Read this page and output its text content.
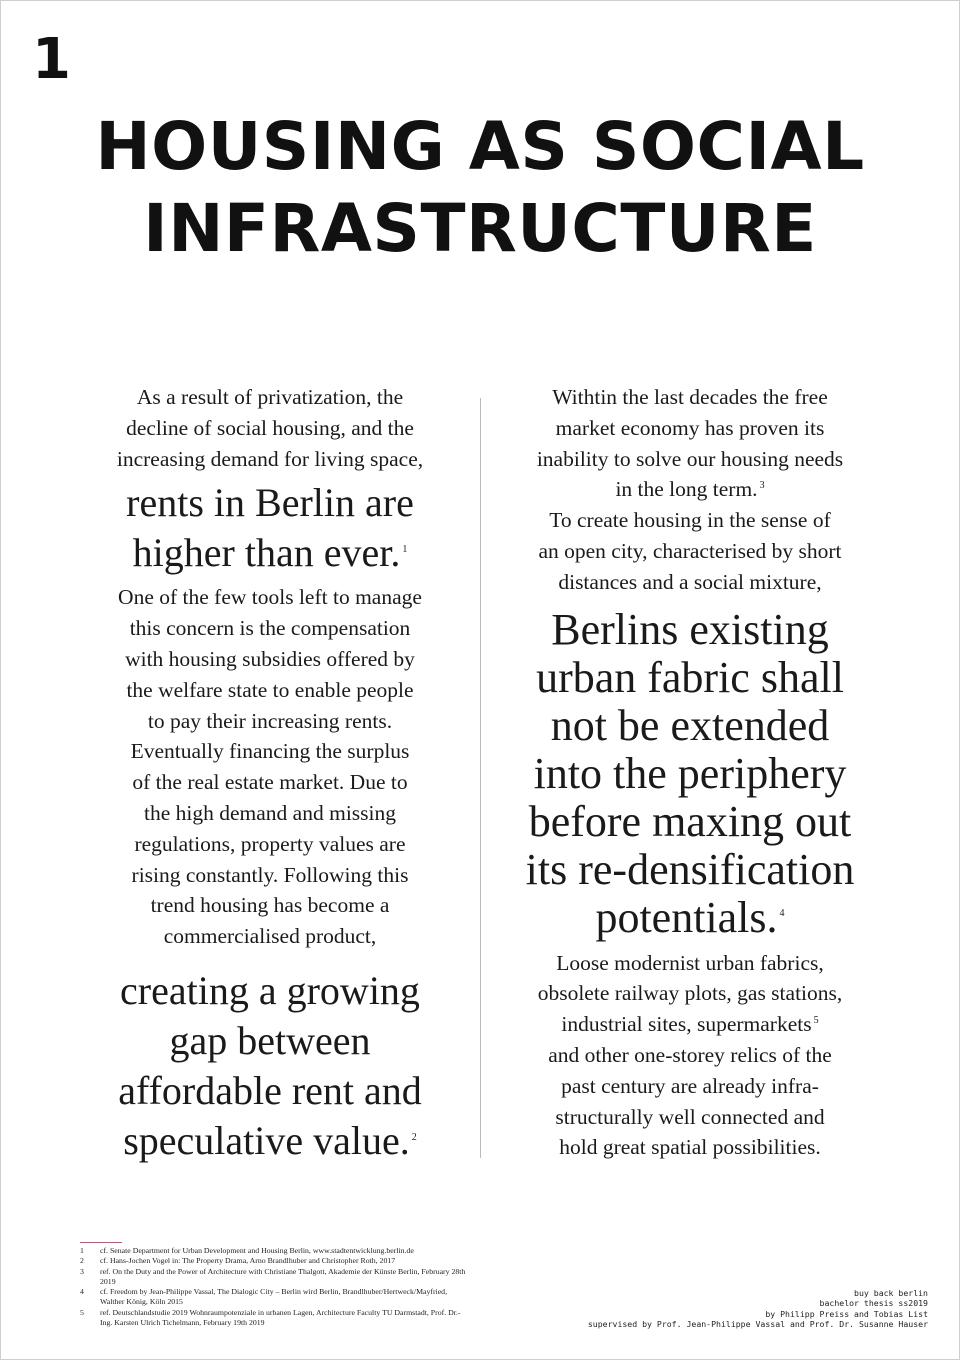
1
HOUSING AS SOCIAL
INFRASTRUCTURE
As a result of privatization, the
decline of social housing, and the
increasing demand for living space,
rents in Berlin are
higher than ever. $^1$
One of the few tools left to manage
this concern is the compensation
with housing subsidies offered by
the welfare state to enable people
to pay their increasing rents.
Eventually financing the surplus
of the real estate market. Due to
the high demand and missing
regulations, property values are
rising constantly. Following this
trend housing has become a
commercialised product,
creating a growing
gap between
affordable rent and
speculative value. $^2$
Withtin the last decades the free
market economy has proven its
inability to solve our housing needs
in the long term. $^3$
To create housing in the sense of
an open city, characterised by short
distances and a social mixture,
Berlins existing
urban fabric shall
not be extended
into the periphery
before maxing out
its re-densification
potentials. $^4$
Loose modernist urban fabrics,
obsolete railway plots, gas stations,
industrial sites, supermarkets $^5$
and other one-storey relics of the
past century are already infra-
structurally well connected and
hold great spatial possibilities.
1	cf. Senate Department for Urban Development and Housing Berlin, www.stadtentwicklung.berlin.de
2	cf. Hans-Jochen Vogel in: The Property Drama, Arno Brandlhuber and Christopher Roth, 2017
3	ref. On the Duty and the Power of Architecture with Christiane Thalgott, Akademie der Künste Berlin, February 28th 2019
4	cf. Freedom by Jean-Philippe Vassal, The Dialogic City – Berlin wird Berlin, Brandlhuber/Hertweck/Mayfried, Walther König, Köln 2015
5	ref. Deutschlandstudie 2019 Wohnraumpotenziale in urbanen Lagen, Architecture Faculty TU Darmstadt, Prof. Dr.-Ing. Karsten Ulrich Tichelmann, February 19th 2019
buy back berlin
bachelor thesis ss2019
by Philipp Preiss and Tobias List
supervised by Prof. Jean-Philippe Vassal and Prof. Dr. Susanne Hauser
